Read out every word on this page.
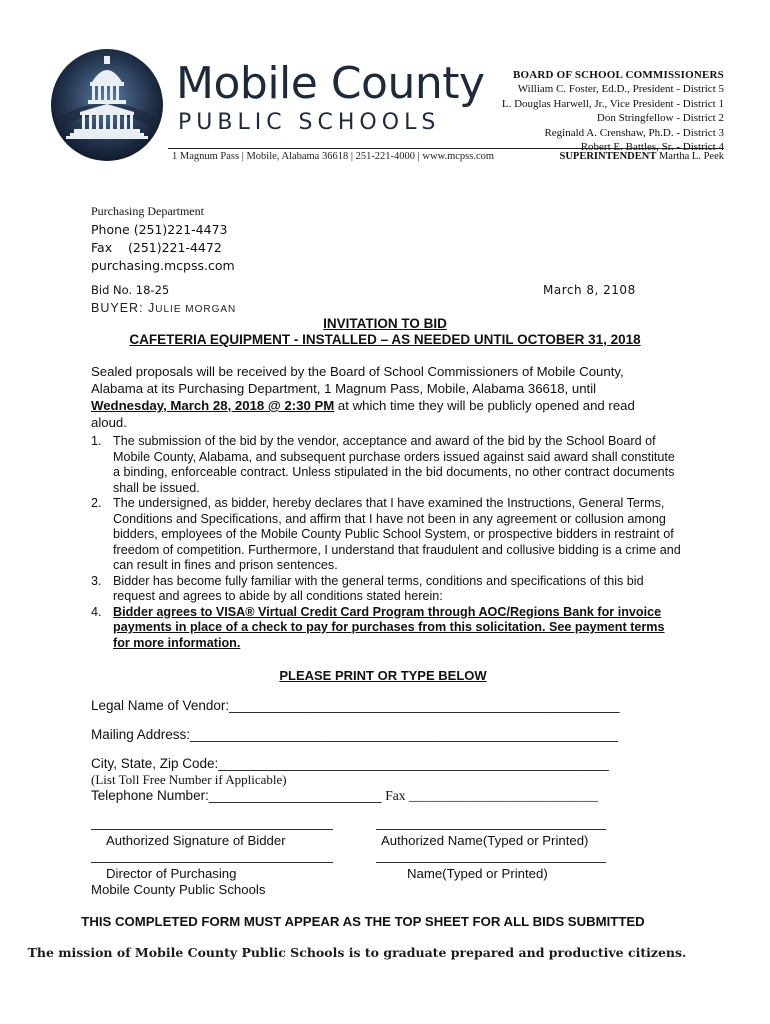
Mobile County
PUBLIC SCHOOLS
1 Magnum Pass | Mobile, Alabama 36618 | 251-221-4000 | www.mcpss.com
BOARD OF SCHOOL COMMISSIONERS
William C. Foster, Ed.D., President - District 5
L. Douglas Harwell, Jr., Vice President - District 1
Don Stringfellow - District 2
Reginald A. Crenshaw, Ph.D. - District 3
Robert E. Battles, Sr. - District 4
SUPERINTENDENT Martha L. Peek
Purchasing Department
Phone (251)221-4473
Fax    (251)221-4472
purchasing.mcpss.com
Bid No. 18-25	March 8, 2108
BUYER: JULIE MORGAN
INVITATION TO BID
CAFETERIA EQUIPMENT - INSTALLED – AS NEEDED UNTIL OCTOBER 31, 2018
Sealed proposals will be received by the Board of School Commissioners of Mobile County, Alabama at its Purchasing Department, 1 Magnum Pass, Mobile, Alabama 36618, until Wednesday, March 28, 2018 @ 2:30 PM at which time they will be publicly opened and read aloud.
1. The submission of the bid by the vendor, acceptance and award of the bid by the School Board of Mobile County, Alabama, and subsequent purchase orders issued against said award shall constitute a binding, enforceable contract. Unless stipulated in the bid documents, no other contract documents shall be issued.
2. The undersigned, as bidder, hereby declares that I have examined the Instructions, General Terms, Conditions and Specifications, and affirm that I have not been in any agreement or collusion among bidders, employees of the Mobile County Public School System, or prospective bidders in restraint of freedom of competition. Furthermore, I understand that fraudulent and collusive bidding is a crime and can result in fines and prison sentences.
3. Bidder has become fully familiar with the general terms, conditions and specifications of this bid request and agrees to abide by all conditions stated herein:
4. Bidder agrees to VISA® Virtual Credit Card Program through AOC/Regions Bank for invoice payments in place of a check to pay for purchases from this solicitation. See payment terms for more information.
PLEASE PRINT OR TYPE BELOW
Legal Name of Vendor:____________________________________________________
Mailing Address:_________________________________________________________
City, State, Zip Code:____________________________________________________
(List Toll Free Number if Applicable)
Telephone Number:_______________________ Fax ____________________________
Authorized Signature of Bidder	Authorized Name(Typed or Printed)
Director of Purchasing
Mobile County Public Schools
Name(Typed or Printed)
THIS COMPLETED FORM MUST APPEAR AS THE TOP SHEET FOR ALL BIDS SUBMITTED
The mission of Mobile County Public Schools is to graduate prepared and productive citizens.
